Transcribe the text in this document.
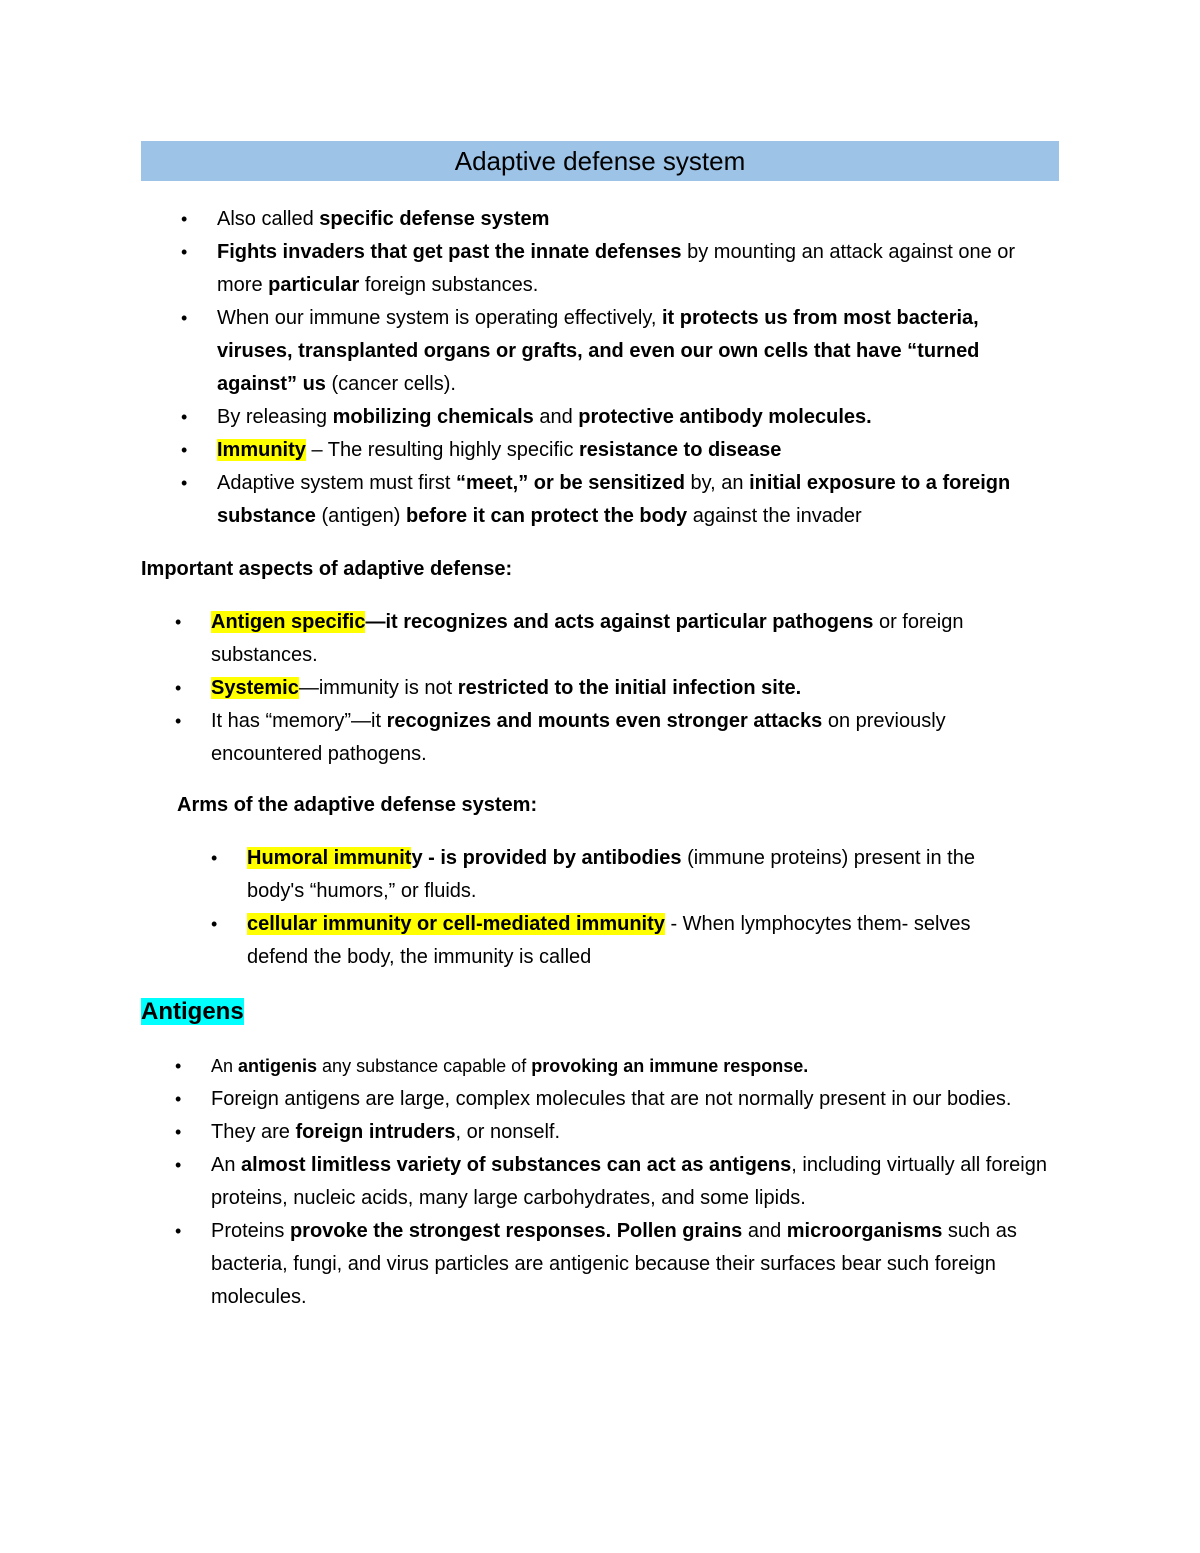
Adaptive defense system
• Also called specific defense system
• Fights invaders that get past the innate defenses by mounting an attack against one or more particular foreign substances.
• When our immune system is operating effectively, it protects us from most bacteria, viruses, transplanted organs or grafts, and even our own cells that have “turned against” us (cancer cells).
• By releasing mobilizing chemicals and protective antibody molecules.
• Immunity – The resulting highly specific resistance to disease
• Adaptive system must first “meet,” or be sensitized by, an initial exposure to a foreign substance (antigen) before it can protect the body against the invader
Important aspects of adaptive defense:
• Antigen specific—it recognizes and acts against particular pathogens or foreign substances.
• Systemic—immunity is not restricted to the initial infection site.
• It has “memory”—it recognizes and mounts even stronger attacks on previously encountered pathogens.
Arms of the adaptive defense system:
• Humoral immunity - is provided by antibodies (immune proteins) present in the body's “humors,” or fluids.
• cellular immunity or cell-mediated immunity - When lymphocytes them- selves defend the body, the immunity is called
Antigens
• An antigenis any substance capable of provoking an immune response.
• Foreign antigens are large, complex molecules that are not normally present in our bodies.
• They are foreign intruders, or nonself.
• An almost limitless variety of substances can act as antigens, including virtually all foreign proteins, nucleic acids, many large carbohydrates, and some lipids.
• Proteins provoke the strongest responses. Pollen grains and microorganisms such as bacteria, fungi, and virus particles are antigenic because their surfaces bear such foreign molecules.
